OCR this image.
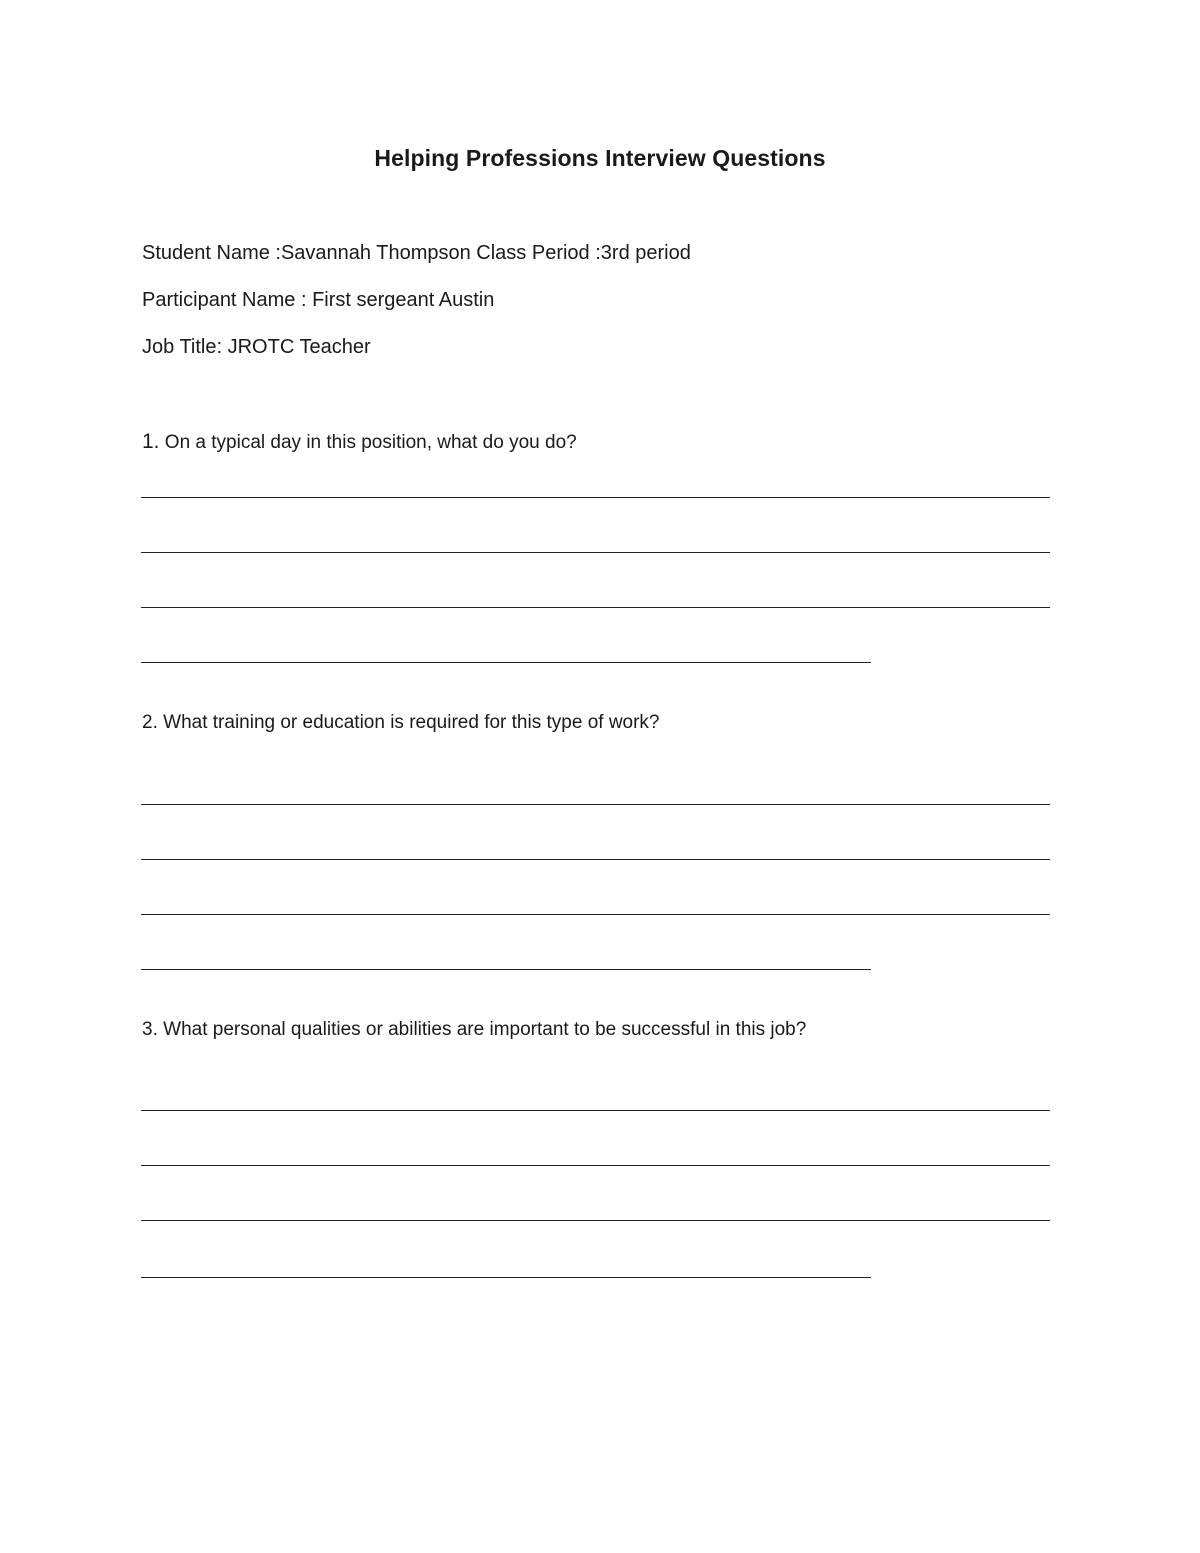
Helping Professions Interview Questions
Student Name :Savannah Thompson Class Period :3rd period
Participant Name : First sergeant Austin
Job Title: JROTC Teacher
1. On a typical day in this position, what do you do?
2. What training or education is required for this type of work?
3. What personal qualities or abilities are important to be successful in this job?
